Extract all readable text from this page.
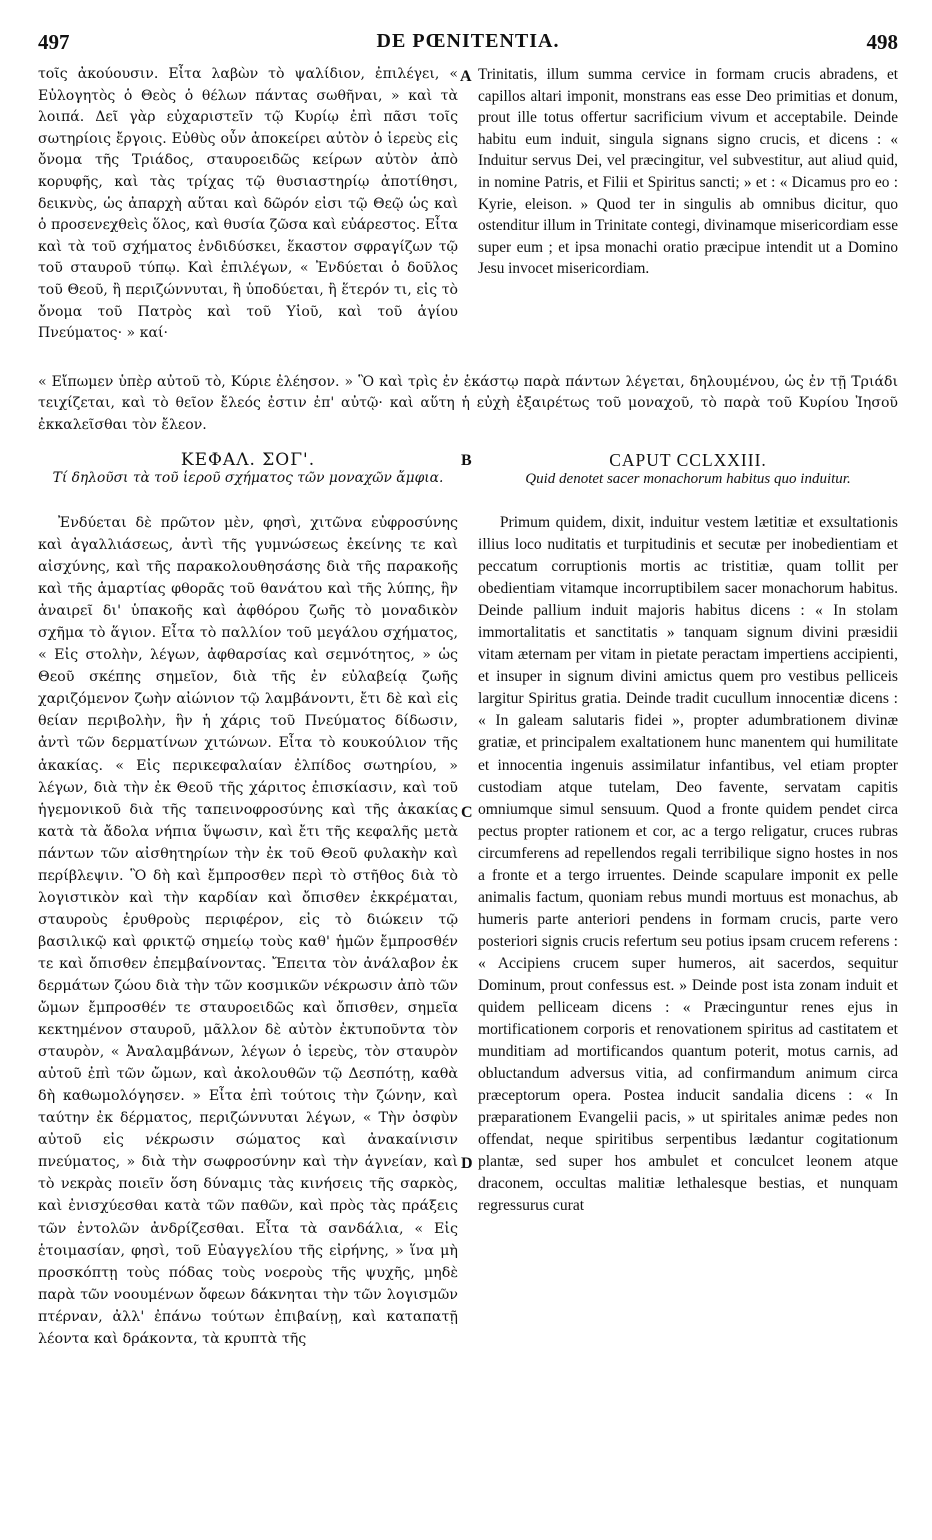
497	DE PŒNITENTIA.	498

τοῖς ἀκούουσιν. Εἶτα λαβὼν τὸ ψαλίδιον, ἐπιλέγει, « Εὐλογητὸς ὁ Θεὸς ὁ θέλων πάντας σωθῆναι, » καὶ τὰ λοιπά. Δεῖ γὰρ εὐχαριστεῖν τῷ Κυρίῳ ἐπὶ πᾶσι τοῖς σωτηρίοις ἔργοις. Εὐθὺς οὖν ἀποκείρει αὐτὸν ὁ ἱερεὺς εἰς ὄνομα τῆς Τριάδος, σταυροειδῶς κείρων αὐτὸν ἀπὸ κορυφῆς, καὶ τὰς τρίχας τῷ θυσιαστηρίῳ ἀποτίθησι, δεικνὺς, ὡς ἀπαρχὴ αὕται καὶ δῶρόν εἰσι τῷ Θεῷ ὡς καὶ ὁ προσενεχθεὶς ὅλος, καὶ θυσία ζῶσα καὶ εὐάρεστος. Εἶτα καὶ τὰ τοῦ σχήματος ἐνδιδύσκει, ἕκαστον σφραγίζων τῷ τοῦ σταυροῦ τύπῳ. Καὶ ἐπιλέγων, « Ἐνδύεται ὁ δοῦλος τοῦ Θεοῦ, ἢ περιζώννυται, ἢ ὑποδύεται, ἢ ἕτερόν τι, εἰς τὸ ὄνομα τοῦ Πατρὸς καὶ τοῦ Υἱοῦ, καὶ τοῦ ἁγίου Πνεύματος· » καί·

Trinitatis, illum summa cervice in formam crucis abradens, et capillos altari imponit, monstrans eas esse Deo primitias et donum, prout ille totus offertur sacrificium vivum et acceptabile. Deinde habitu eum induit, singula signans signo crucis, et dicens : « Induitur servus Dei, vel præcingitur, vel subvestitur, aut aliud quid, in nomine Patris, et Filii et Spiritus sancti; » et : « Dicamus pro eo : Kyrie, eleison. » Quod ter in singulis ab omnibus dicitur, quo ostenditur illum in Trinitate contegi, divinamque misericordiam esse super eum ; et ipsa monachi oratio præcipue intendit ut a Domino Jesu invocet misericordiam.

« Εἴπωμεν ὑπὲρ αὐτοῦ τὸ, Κύριε ἐλέησον. » Ὃ καὶ τρὶς ἐν ἑκάστῳ παρὰ πάντων λέγεται, δηλουμένου, ὡς ἐν τῇ Τριάδι τειχίζεται, καὶ τὸ θεῖον ἔλεός ἐστιν ἐπ' αὐτῷ· καὶ αὕτη ἡ εὐχὴ ἐξαιρέτως τοῦ μοναχοῦ, τὸ παρὰ τοῦ Κυρίου Ἰησοῦ ἐκκαλεῖσθαι τὸν ἔλεον.

ΚΕΦΑΛ. ΣΟΓ'.
Τί δηλοῦσι τὰ τοῦ ἱεροῦ σχήματος τῶν μοναχῶν ἄμφια.
CAPUT CCLXXIII.
Quid denotet sacer monachorum habitus quo induitur.

Ἐνδύεται δὲ πρῶτον μὲν, φησὶ, χιτῶνα εὐφροσύνης καὶ ἀγαλλιάσεως, ἀντὶ τῆς γυμνώσεως ἐκείνης τε καὶ αἰσχύνης, καὶ τῆς παρακολουθησάσης διὰ τῆς παρακοῆς καὶ τῆς ἁμαρτίας φθορᾶς τοῦ θανάτου καὶ τῆς λύπης, ἣν ἀναιρεῖ δι' ὑπακοῆς καὶ ἀφθόρου ζωῆς τὸ μοναδικὸν σχῆμα τὸ ἅγιον. Εἶτα τὸ παλλίον τοῦ μεγάλου σχήματος, « Εἰς στολὴν, λέγων, ἀφθαρσίας καὶ σεμνότητος, » ὡς Θεοῦ σκέπης σημεῖον, διὰ τῆς ἐν εὐλαβείᾳ ζωῆς χαριζόμενον ζωὴν αἰώνιον τῷ λαμβάνοντι, ἔτι δὲ καὶ εἰς θείαν περιβολὴν, ἣν ἡ χάρις τοῦ Πνεύματος δίδωσιν, ἀντὶ τῶν δερματίνων χιτώνων. Εἶτα τὸ κουκούλιον τῆς ἀκακίας. « Εἰς περικεφαλαίαν ἐλπίδος σωτηρίου, » λέγων, διὰ τὴν ἐκ Θεοῦ τῆς χάριτος ἐπισκίασιν, καὶ τοῦ ἡγεμονικοῦ διὰ τῆς ταπεινοφροσύνης καὶ τῆς ἀκακίας κατὰ τὰ ἄδολα νήπια ὕψωσιν, καὶ ἔτι τῆς κεφαλῆς μετὰ πάντων τῶν αἰσθητηρίων τὴν ἐκ τοῦ Θεοῦ φυλακὴν καὶ περίβλεψιν. Ὃ δὴ καὶ ἔμπροσθεν περὶ τὸ στῆθος διὰ τὸ λογιστικὸν καὶ τὴν καρδίαν καὶ ὄπισθεν ἐκκρέμαται, σταυροὺς ἐρυθροὺς περιφέρον, εἰς τὸ διώκειν τῷ βασιλικῷ καὶ φρικτῷ σημείῳ τοὺς καθ' ἡμῶν ἔμπροσθέν τε καὶ ὄπισθεν ἐπεμβαίνοντας. Ἔπειτα τὸν ἀνάλαβον ἐκ δερμάτων ζώου διὰ τὴν τῶν κοσμικῶν νέκρωσιν ἀπὸ τῶν ὤμων ἔμπροσθέν τε σταυροειδῶς καὶ ὄπισθεν, σημεῖα κεκτημένον σταυροῦ, μᾶλλον δὲ αὐτὸν ἐκτυποῦντα τὸν σταυρὸν, « Ἀναλαμβάνων, λέγων ὁ ἱερεὺς, τὸν σταυρὸν αὐτοῦ ἐπὶ τῶν ὤμων, καὶ ἀκολουθῶν τῷ Δεσπότῃ, καθὰ δὴ καθωμολόγησεν. » Εἶτα ἐπὶ τούτοις τὴν ζώνην, καὶ ταύτην ἐκ δέρματος, περιζώννυται λέγων, « Τὴν ὀσφὺν αὐτοῦ εἰς νέκρωσιν σώματος καὶ ἀνακαίνισιν πνεύματος, » διὰ τὴν σωφροσύνην καὶ τὴν ἁγνείαν, καὶ τὸ νεκρὰς ποιεῖν ὅση δύναμις τὰς κινήσεις τῆς σαρκὸς, καὶ ἐνισχύεσθαι κατὰ τῶν παθῶν, καὶ πρὸς τὰς πράξεις τῶν ἐντολῶν ἀνδρίζεσθαι. Εἶτα τὰ σανδάλια, « Εἰς ἑτοιμασίαν, φησὶ, τοῦ Εὐαγγελίου τῆς εἰρήνης, » ἵνα μὴ προσκόπτῃ τοὺς πόδας τοὺς νοεροὺς τῆς ψυχῆς, μηδὲ παρὰ τῶν νοουμένων ὄφεων δάκνηται τὴν τῶν λογισμῶν πτέρναν, ἀλλ' ἐπάνω τούτων ἐπιβαίνῃ, καὶ καταπατῇ λέοντα καὶ δράκοντα, τὰ κρυπτὰ τῆς

Primum quidem, dixit, induitur vestem lætitiæ et exsultationis illius loco nuditatis et turpitudinis et secutæ per inobedientiam et peccatum corruptionis mortis ac tristitiæ, quam tollit per obedientiam vitamque incorruptibilem sacer monachorum habitus. Deinde pallium induit majoris habitus dicens : « In stolam immortalitatis et sanctitatis » tanquam signum divini præsidii vitam æternam per vitam in pietate peractam impertiens accipienti, et insuper in signum divini amictus quem pro vestibus pelliceis largitur Spiritus gratia. Deinde tradit cucullum innocentiæ dicens : « In galeam salutaris fidei », propter adumbrationem divinæ gratiæ, et principalem exaltationem hunc manentem qui humilitate et innocentia ingenuis assimilatur infantibus, vel etiam propter custodiam atque tutelam, Deo favente, servatam capitis omniumque simul sensuum. Quod a fronte quidem pendet circa pectus propter rationem et cor, ac a tergo religatur, cruces rubras circumferens ad repellendos regali terribilique signo hostes in nos a fronte et a tergo irruentes. Deinde scapulare imponit ex pelle animalis factum, quoniam rebus mundi mortuus est monachus, ab humeris parte anteriori pendens in formam crucis, parte vero posteriori signis crucis refertum seu potius ipsam crucem referens : « Accipiens crucem super humeros, ait sacerdos, sequitur Dominum, prout confessus est. » Deinde post ista zonam induit et quidem pelliceam dicens : « Præcinguntur renes ejus in mortificationem corporis et renovationem spiritus ad castitatem et munditiam ad mortificandos quantum poterit, motus carnis, ad obluctandum adversus vitia, ad confirmandum animum circa præceptorum opera. Postea inducit sandalia dicens : « In præparationem Evangelii pacis, » ut spiritales animæ pedes non offendat, neque spiritibus serpentibus lædantur cogitationum plantæ, sed super hos ambulet et conculcet leonem atque draconem, occultas malitiæ lethalesque bestias, et nunquam regressurus curat

A
B
C
D
